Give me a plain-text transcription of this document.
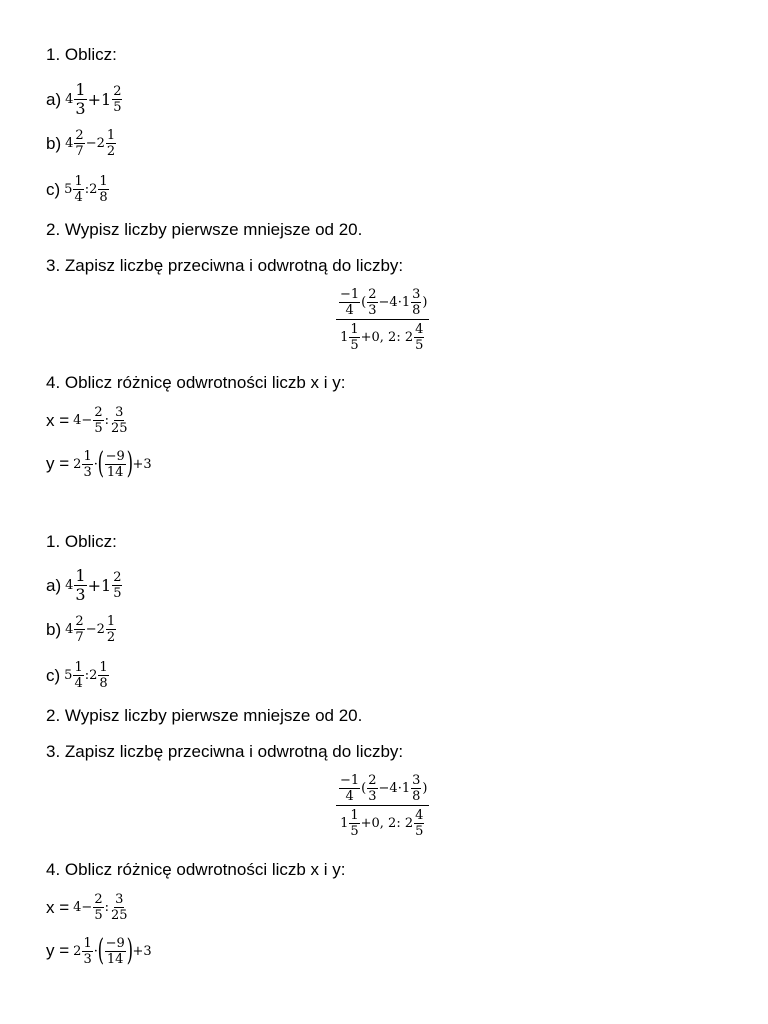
1. Oblicz:
a) $4 \frac{1}{3} + 1 \frac{2}{5}$
b) $4 \frac{2}{7} - 2 \frac{1}{2}$
c) $5 \frac{1}{4}$ : $2 \frac{1}{8}$
2. Wypisz liczby pierwsze mniejsze od 20.
3. Zapisz liczbę przeciwna i odwrotną do liczby:
$\frac{\frac{-1}{4} ( \frac{2}{3} -4\cdot 1 \frac{3}{8} )}{1 \frac{1}{5} +0, 2: 2 \frac{4}{5}}$
4. Oblicz różnicę odwrotności liczb x i y:
$x = 4- \frac{2}{5}$ : $\frac{3}{25}$
$y = 2 \frac{1}{3}$ · ( $\frac{-9}{14}$ ) +3
1. Oblicz:
a) $4 \frac{1}{3} + 1 \frac{2}{5}$
b) $4 \frac{2}{7} - 2 \frac{1}{2}$
c) $5 \frac{1}{4}$ : $2 \frac{1}{8}$
2. Wypisz liczby pierwsze mniejsze od 20.
3. Zapisz liczbę przeciwna i odwrotną do liczby:
$\frac{\frac{-1}{4} ( \frac{2}{3} -4\cdot 1 \frac{3}{8} )}{1 \frac{1}{5} +0, 2: 2 \frac{4}{5}}$
4. Oblicz różnicę odwrotności liczb x i y:
$x = 4- \frac{2}{5}$ : $\frac{3}{25}$
$y = 2 \frac{1}{3}$ · ( $\frac{-9}{14}$ ) +3
